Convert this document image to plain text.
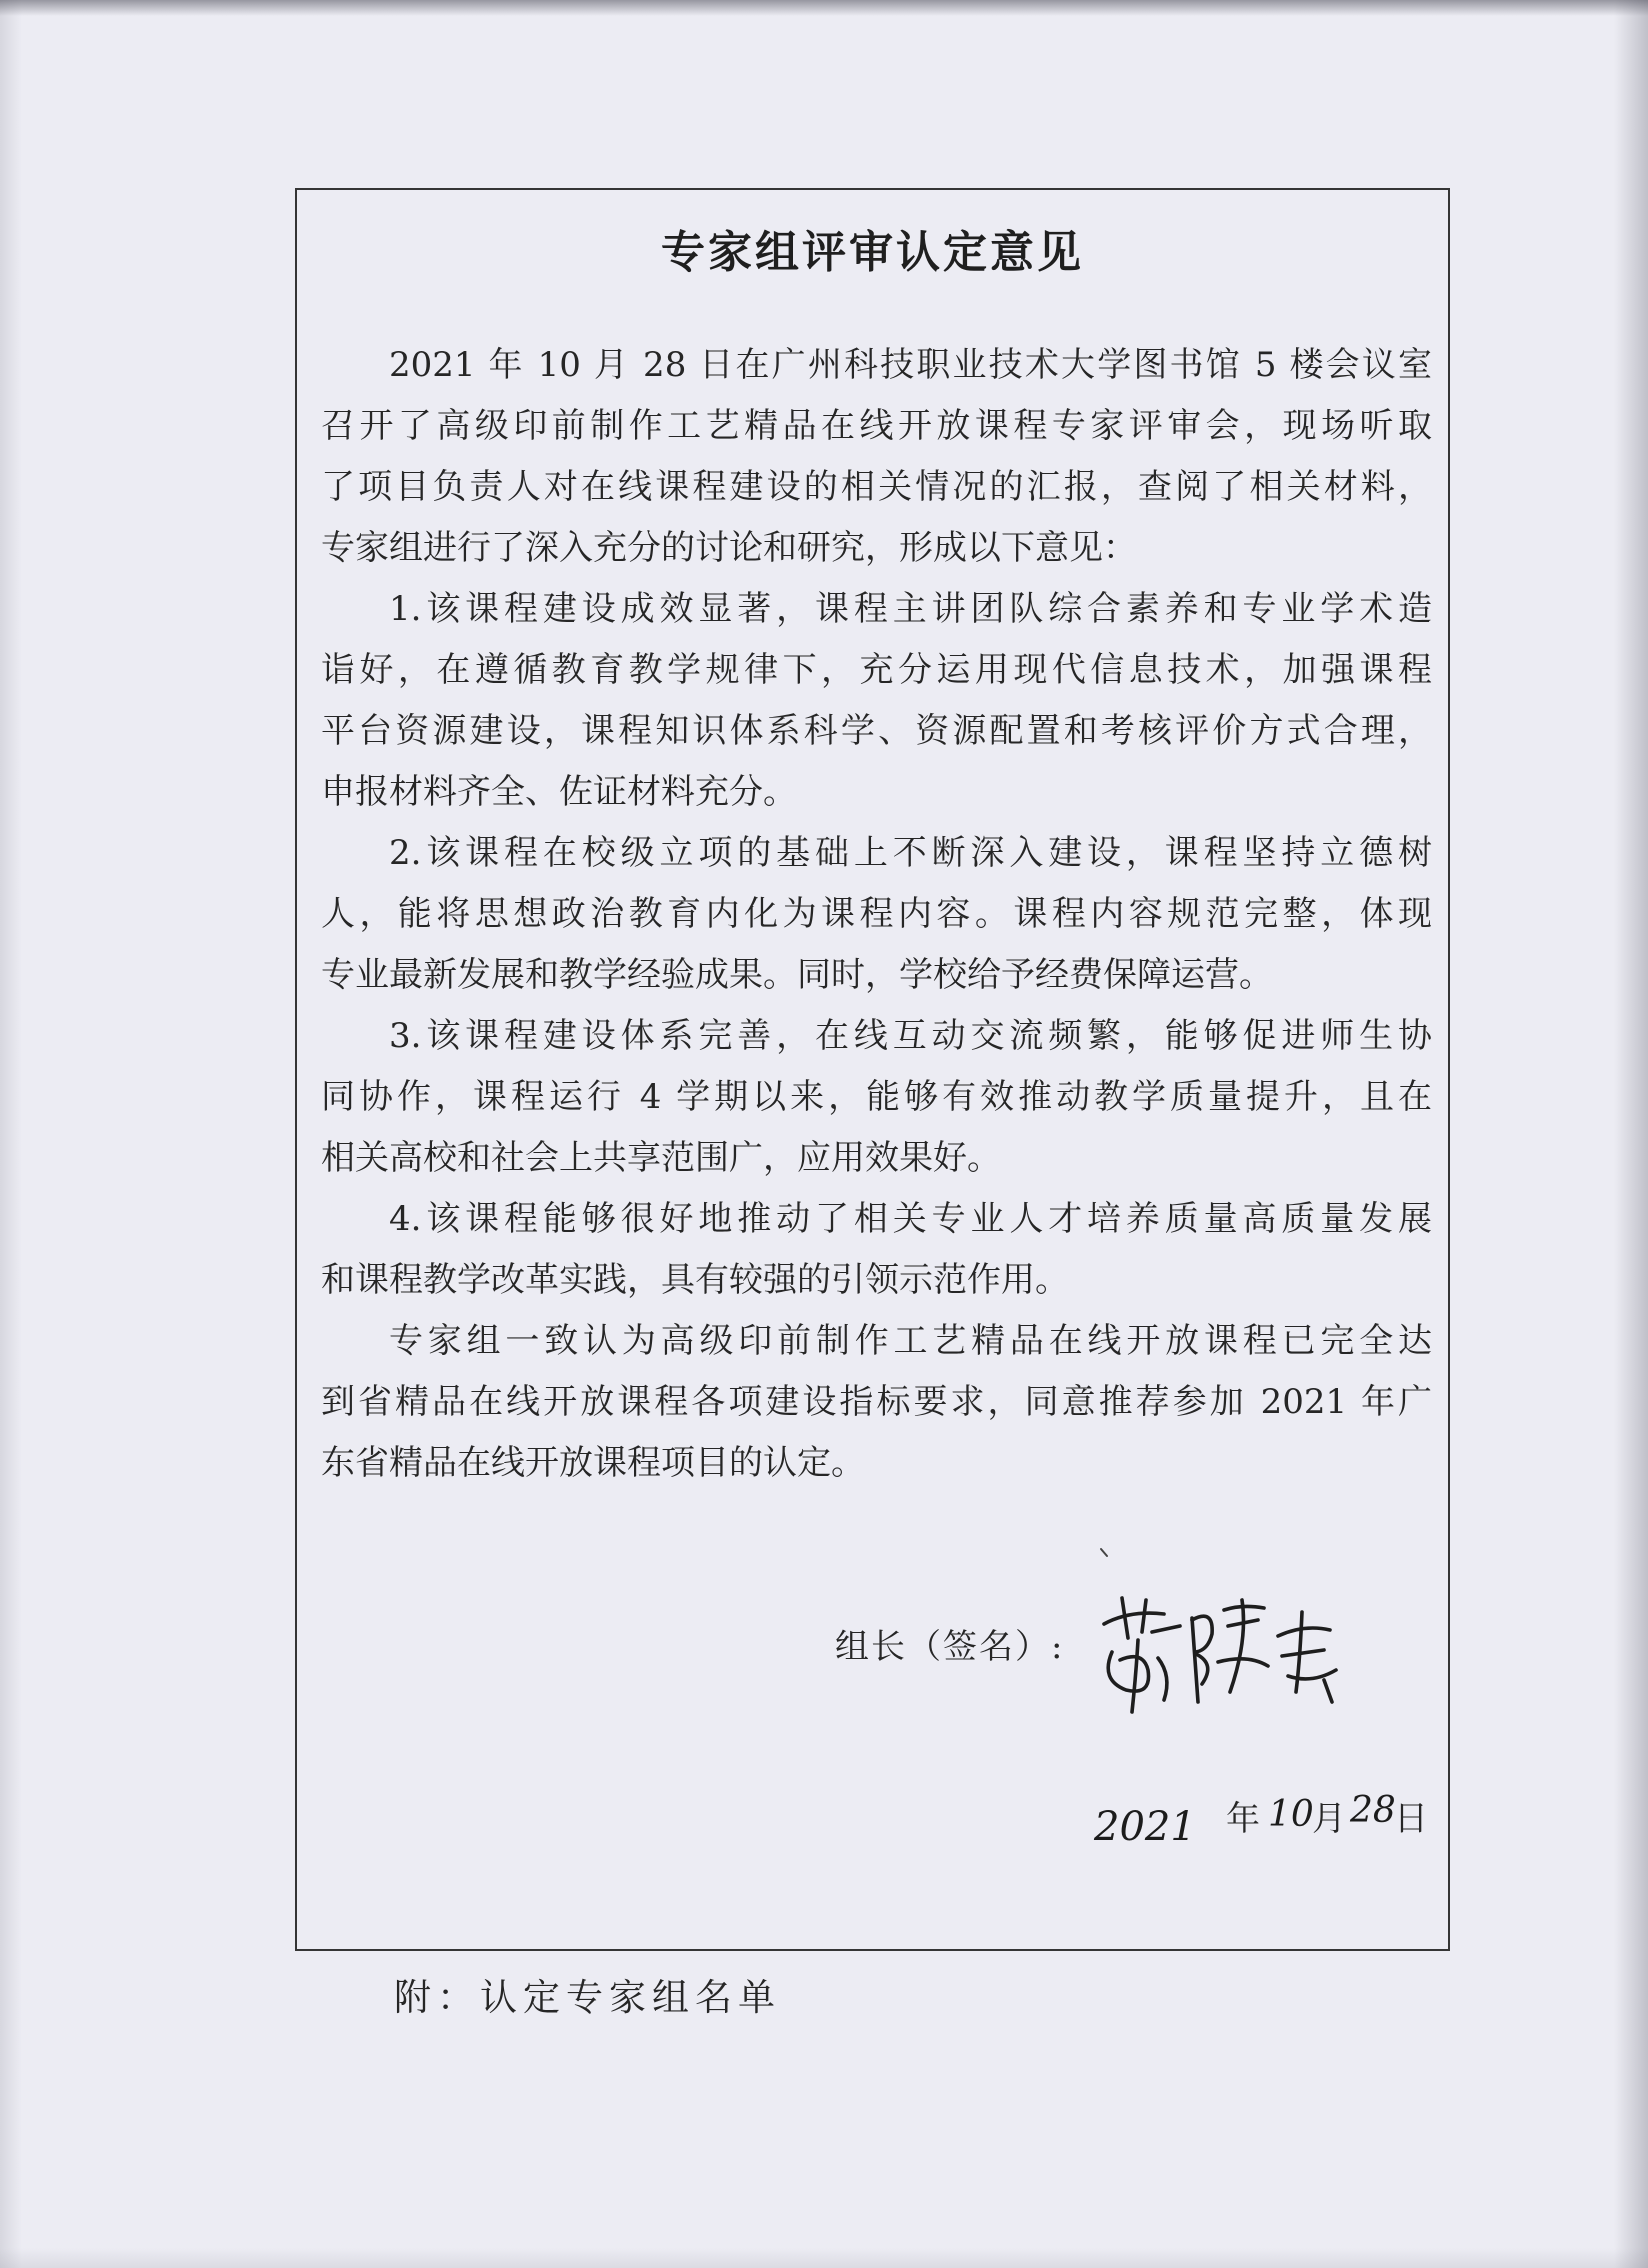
专家组评审认定意见
2021 年 10 月 28 日在广州科技职业技术大学图书馆 5 楼会议室
召开了高级印前制作工艺精品在线开放课程专家评审会，现场听取
了项目负责人对在线课程建设的相关情况的汇报，查阅了相关材料，
专家组进行了深入充分的讨论和研究，形成以下意见：
1.该课程建设成效显著，课程主讲团队综合素养和专业学术造
诣好，在遵循教育教学规律下，充分运用现代信息技术，加强课程
平台资源建设，课程知识体系科学、资源配置和考核评价方式合理，
申报材料齐全、佐证材料充分。
2.该课程在校级立项的基础上不断深入建设，课程坚持立德树
人，能将思想政治教育内化为课程内容。课程内容规范完整，体现
专业最新发展和教学经验成果。同时，学校给予经费保障运营。
3.该课程建设体系完善，在线互动交流频繁，能够促进师生协
同协作，课程运行 4 学期以来，能够有效推动教学质量提升，且在
相关高校和社会上共享范围广，应用效果好。
4.该课程能够很好地推动了相关专业人才培养质量高质量发展
和课程教学改革实践，具有较强的引领示范作用。
专家组一致认为高级印前制作工艺精品在线开放课程已完全达
到省精品在线开放课程各项建设指标要求，同意推荐参加 2021 年广
东省精品在线开放课程项目的认定。
组长（签名）:
2021 年 10
月 28
日
附：认定专家组名单
